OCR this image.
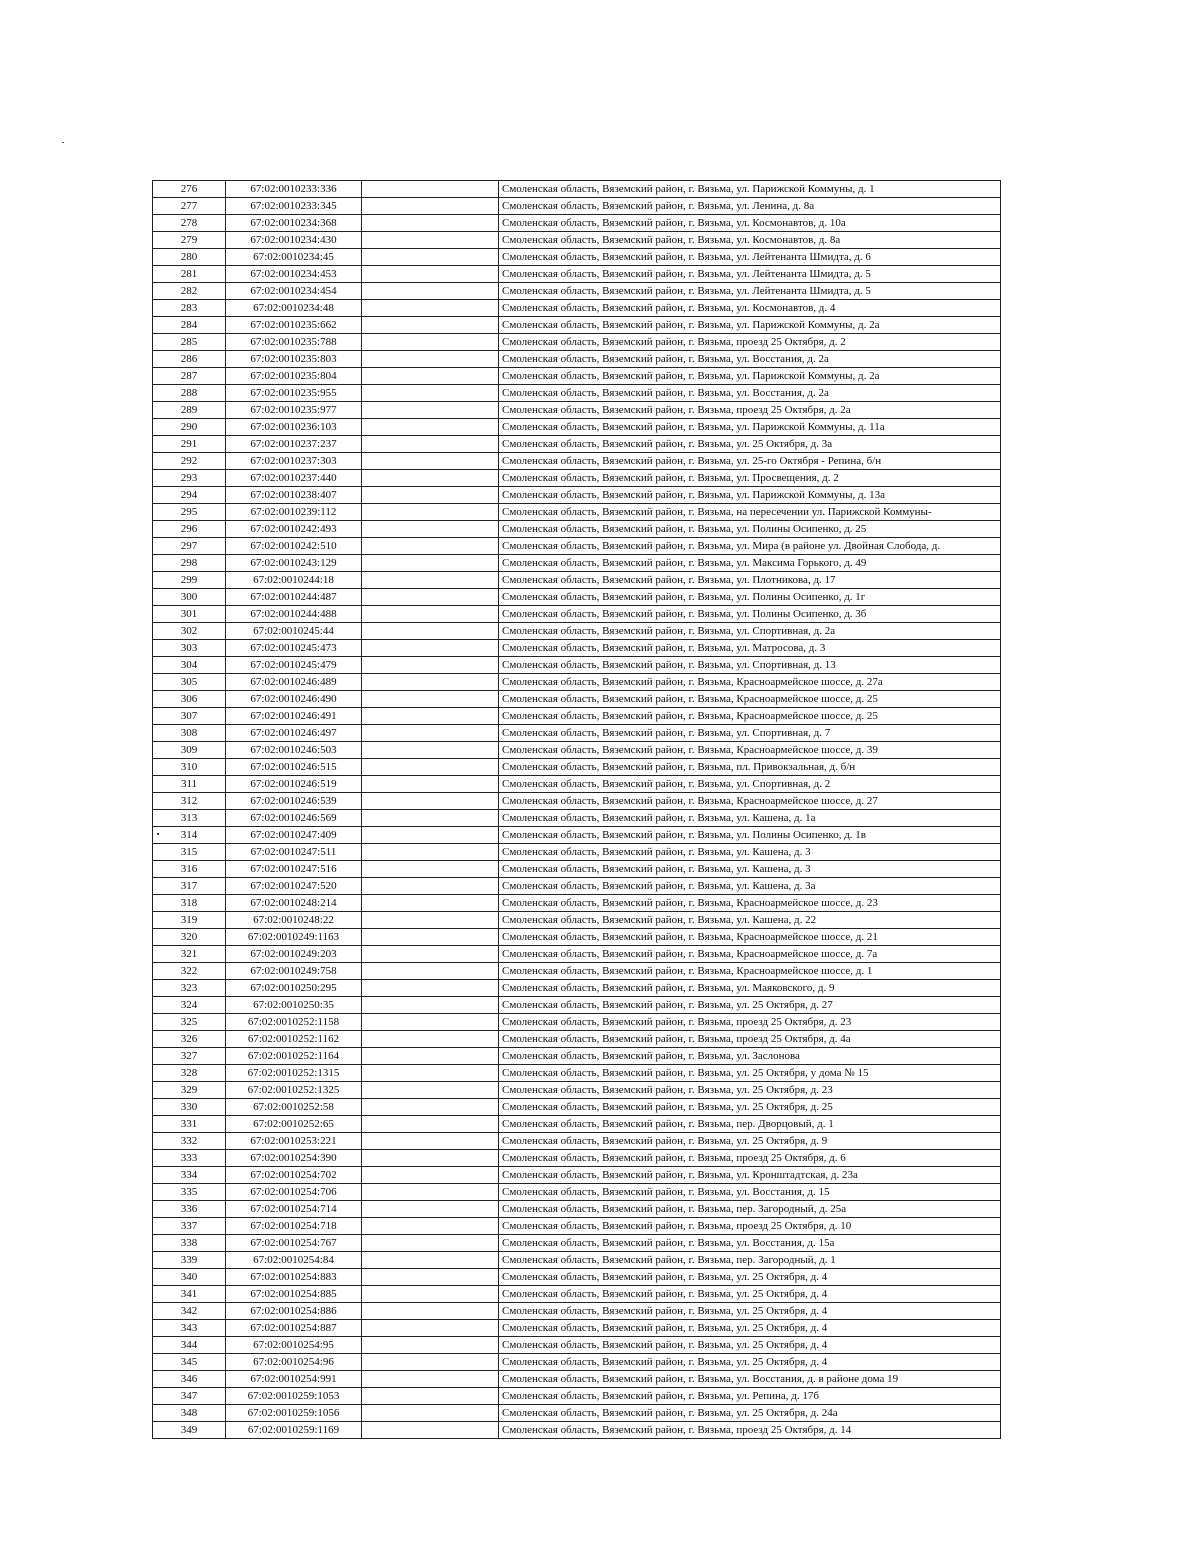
276	67:02:0010233:336		Смоленская область, Вяземский район, г. Вязьма, ул. Парижской Коммуны, д. 1
277	67:02:0010233:345		Смоленская область, Вяземский район, г. Вязьма, ул. Ленина, д. 8а
278	67:02:0010234:368		Смоленская область, Вяземский район, г. Вязьма, ул. Космонавтов, д. 10а
279	67:02:0010234:430		Смоленская область, Вяземский район, г. Вязьма, ул. Космонавтов, д. 8а
280	67:02:0010234:45		Смоленская область, Вяземский район, г. Вязьма, ул. Лейтенанта Шмидта, д. 6
281	67:02:0010234:453		Смоленская область, Вяземский район, г. Вязьма, ул. Лейтенанта Шмидта, д. 5
282	67:02:0010234:454		Смоленская область, Вяземский район, г. Вязьма, ул. Лейтенанта Шмидта, д. 5
283	67:02:0010234:48		Смоленская область, Вяземский район, г. Вязьма, ул. Космонавтов, д. 4
284	67:02:0010235:662		Смоленская область, Вяземский район, г. Вязьма, ул. Парижской Коммуны, д. 2а
285	67:02:0010235:788		Смоленская область, Вяземский район, г. Вязьма, проезд 25 Октября, д. 2
286	67:02:0010235:803		Смоленская область, Вяземский район, г. Вязьма, ул. Восстания, д. 2а
287	67:02:0010235:804		Смоленская область, Вяземский район, г. Вязьма, ул. Парижской Коммуны, д. 2а
288	67:02:0010235:955		Смоленская область, Вяземский район, г. Вязьма, ул. Восстания, д. 2а
289	67:02:0010235:977		Смоленская область, Вяземский район, г. Вязьма, проезд 25 Октября, д. 2а
290	67:02:0010236:103		Смоленская область, Вяземский район, г. Вязьма, ул. Парижской Коммуны, д. 11а
291	67:02:0010237:237		Смоленская область, Вяземский район, г. Вязьма, ул. 25 Октября, д. 3а
292	67:02:0010237:303		Смоленская область, Вяземский район, г. Вязьма, ул. 25-го Октября - Репина, б/н
293	67:02:0010237:440		Смоленская область, Вяземский район, г. Вязьма, ул. Просвещения, д. 2
294	67:02:0010238:407		Смоленская область, Вяземский район, г. Вязьма, ул. Парижской Коммуны, д. 13а
295	67:02:0010239:112		Смоленская область, Вяземский район, г. Вязьма, на пересечении ул. Парижской Коммуны-
296	67:02:0010242:493		Смоленская область, Вяземский район, г. Вязьма, ул. Полины Осипенко, д. 25
297	67:02:0010242:510		Смоленская область, Вяземский район, г. Вязьма, ул. Мира (в районе ул. Двойная Слобода, д.
298	67:02:0010243:129		Смоленская область, Вяземский район, г. Вязьма, ул. Максима Горького, д. 49
299	67:02:0010244:18		Смоленская область, Вяземский район, г. Вязьма, ул. Плотникова, д. 17
300	67:02:0010244:487		Смоленская область, Вяземский район, г. Вязьма, ул. Полины Осипенко, д. 1г
301	67:02:0010244:488		Смоленская область, Вяземский район, г. Вязьма, ул. Полины Осипенко, д. 3б
302	67:02:0010245:44		Смоленская область, Вяземский район, г. Вязьма, ул. Спортивная, д. 2а
303	67:02:0010245:473		Смоленская область, Вяземский район, г. Вязьма, ул. Матросова, д. 3
304	67:02:0010245:479		Смоленская область, Вяземский район, г. Вязьма, ул. Спортивная, д. 13
305	67:02:0010246:489		Смоленская область, Вяземский район, г. Вязьма, Красноармейское шоссе, д. 27а
306	67:02:0010246:490		Смоленская область, Вяземский район, г. Вязьма, Красноармейское шоссе, д. 25
307	67:02:0010246:491		Смоленская область, Вяземский район, г. Вязьма, Красноармейское шоссе, д. 25
308	67:02:0010246:497		Смоленская область, Вяземский район, г. Вязьма, ул. Спортивная, д. 7
309	67:02:0010246:503		Смоленская область, Вяземский район, г. Вязьма, Красноармейское шоссе, д. 39
310	67:02:0010246:515		Смоленская область, Вяземский район, г. Вязьма, пл. Привокзальная, д. б/н
311	67:02:0010246:519		Смоленская область, Вяземский район, г. Вязьма, ул. Спортивная, д. 2
312	67:02:0010246:539		Смоленская область, Вяземский район, г. Вязьма, Красноармейское шоссе, д. 27
313	67:02:0010246:569		Смоленская область, Вяземский район, г. Вязьма, ул. Кашена, д. 1а
314	67:02:0010247:409		Смоленская область, Вяземский район, г. Вязьма, ул. Полины Осипенко, д. 1в
315	67:02:0010247:511		Смоленская область, Вяземский район, г. Вязьма, ул. Кашена, д. 3
316	67:02:0010247:516		Смоленская область, Вяземский район, г. Вязьма, ул. Кашена, д. 3
317	67:02:0010247:520		Смоленская область, Вяземский район, г. Вязьма, ул. Кашена, д. 3а
318	67:02:0010248:214		Смоленская область, Вяземский район, г. Вязьма, Красноармейское шоссе, д. 23
319	67:02:0010248:22		Смоленская область, Вяземский район, г. Вязьма, ул. Кашена, д. 22
320	67:02:0010249:1163		Смоленская область, Вяземский район, г. Вязьма, Красноармейское шоссе, д. 21
321	67:02:0010249:203		Смоленская область, Вяземский район, г. Вязьма, Красноармейское шоссе, д. 7а
322	67:02:0010249:758		Смоленская область, Вяземский район, г. Вязьма, Красноармейское шоссе, д. 1
323	67:02:0010250:295		Смоленская область, Вяземский район, г. Вязьма, ул. Маяковского, д. 9
324	67:02:0010250:35		Смоленская область, Вяземский район, г. Вязьма, ул. 25 Октября, д. 27
325	67:02:0010252:1158		Смоленская область, Вяземский район, г. Вязьма, проезд 25 Октября, д. 23
326	67:02:0010252:1162		Смоленская область, Вяземский район, г. Вязьма, проезд 25 Октября, д. 4а
327	67:02:0010252:1164		Смоленская область, Вяземский район, г. Вязьма, ул. Заслонова
328	67:02:0010252:1315		Смоленская область, Вяземский район, г. Вязьма, ул. 25 Октября, у дома № 15
329	67:02:0010252:1325		Смоленская область, Вяземский район, г. Вязьма, ул. 25 Октября, д. 23
330	67:02:0010252:58		Смоленская область, Вяземский район, г. Вязьма, ул. 25 Октября, д. 25
331	67:02:0010252:65		Смоленская область, Вяземский район, г. Вязьма, пер. Дворцовый, д. 1
332	67:02:0010253:221		Смоленская область, Вяземский район, г. Вязьма, ул. 25 Октября, д. 9
333	67:02:0010254:390		Смоленская область, Вяземский район, г. Вязьма, проезд 25 Октября, д. 6
334	67:02:0010254:702		Смоленская область, Вяземский район, г. Вязьма, ул. Кронштадтская, д. 23а
335	67:02:0010254:706		Смоленская область, Вяземский район, г. Вязьма, ул. Восстания, д. 15
336	67:02:0010254:714		Смоленская область, Вяземский район, г. Вязьма, пер. Загородный, д. 25а
337	67:02:0010254:718		Смоленская область, Вяземский район, г. Вязьма, проезд 25 Октября, д. 10
338	67:02:0010254:767		Смоленская область, Вяземский район, г. Вязьма, ул. Восстания, д. 15а
339	67:02:0010254:84		Смоленская область, Вяземский район, г. Вязьма, пер. Загородный, д. 1
340	67:02:0010254:883		Смоленская область, Вяземский район, г. Вязьма, ул. 25 Октября, д. 4
341	67:02:0010254:885		Смоленская область, Вяземский район, г. Вязьма, ул. 25 Октября, д. 4
342	67:02:0010254:886		Смоленская область, Вяземский район, г. Вязьма, ул. 25 Октября, д. 4
343	67:02:0010254:887		Смоленская область, Вяземский район, г. Вязьма, ул. 25 Октября, д. 4
344	67:02:0010254:95		Смоленская область, Вяземский район, г. Вязьма, ул. 25 Октября, д. 4
345	67:02:0010254:96		Смоленская область, Вяземский район, г. Вязьма, ул. 25 Октября, д. 4
346	67:02:0010254:991		Смоленская область, Вяземский район, г. Вязьма, ул. Восстания, д. в районе дома 19
347	67:02:0010259:1053		Смоленская область, Вяземский район, г. Вязьма, ул. Репина, д. 17б
348	67:02:0010259:1056		Смоленская область, Вяземский район, г. Вязьма, ул. 25 Октября, д. 24а
349	67:02:0010259:1169		Смоленская область, Вяземский район, г. Вязьма, проезд 25 Октября, д. 14
